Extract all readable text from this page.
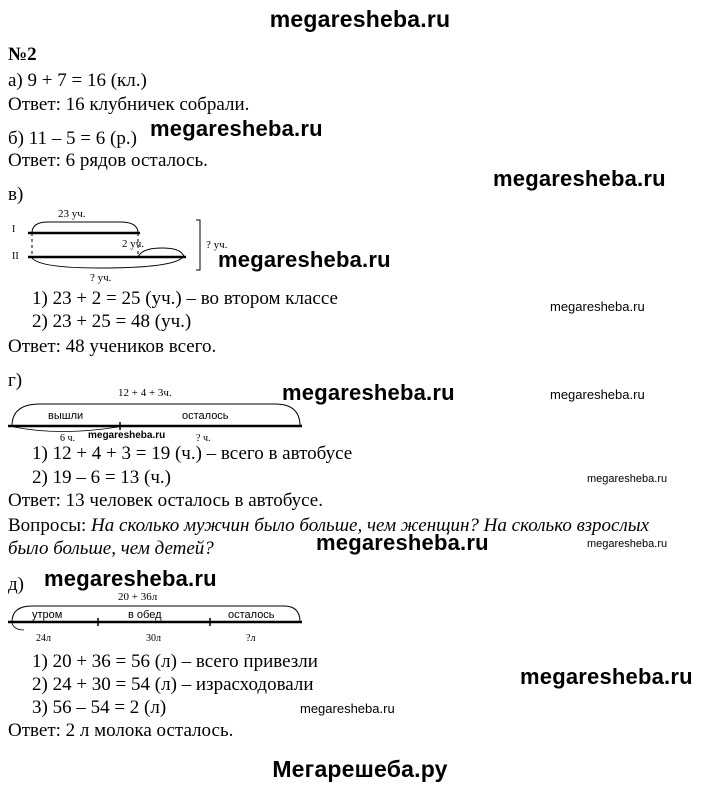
megaresheba.ru
№2
а) 9 + 7 = 16 (кл.)
Ответ: 16 клубничек собрали.
б) 11 – 5 = 6 (р.) megaresheba.ru
Ответ: 6 рядов осталось.
megaresheba.ru
в)
I
II
23 уч.
2 уч.
? уч.
? уч.
megaresheba.ru
1) 23 + 2 = 25 (уч.) – во втором классе	megaresheba.ru
2) 23 + 25 = 48 (уч.)
Ответ: 48 учеников всего.
г)	megaresheba.ru	megaresheba.ru
12 + 4 + 3ч.
вышли	осталось
6 ч.	? ч.
megaresheba.ru
1) 12 + 4 + 3 = 19 (ч.) – всего в автобусе
2) 19 – 6 = 13 (ч.)	megaresheba.ru
Ответ: 13 человек осталось в автобусе.
Вопросы: На сколько мужчин было больше, чем женщин? На сколько взрослых
было больше, чем детей?	megaresheba.ru	megaresheba.ru
д) megaresheba.ru
20 + 36л
утром	в обед	осталось
24л	30л	?л
1) 20 + 36 = 56 (л) – всего привезли
2) 24 + 30 = 54 (л) – израсходовали	megaresheba.ru
3) 56 – 54 = 2 (л)	megaresheba.ru
Ответ: 2 л молока осталось.
Мегарешеба.ру
